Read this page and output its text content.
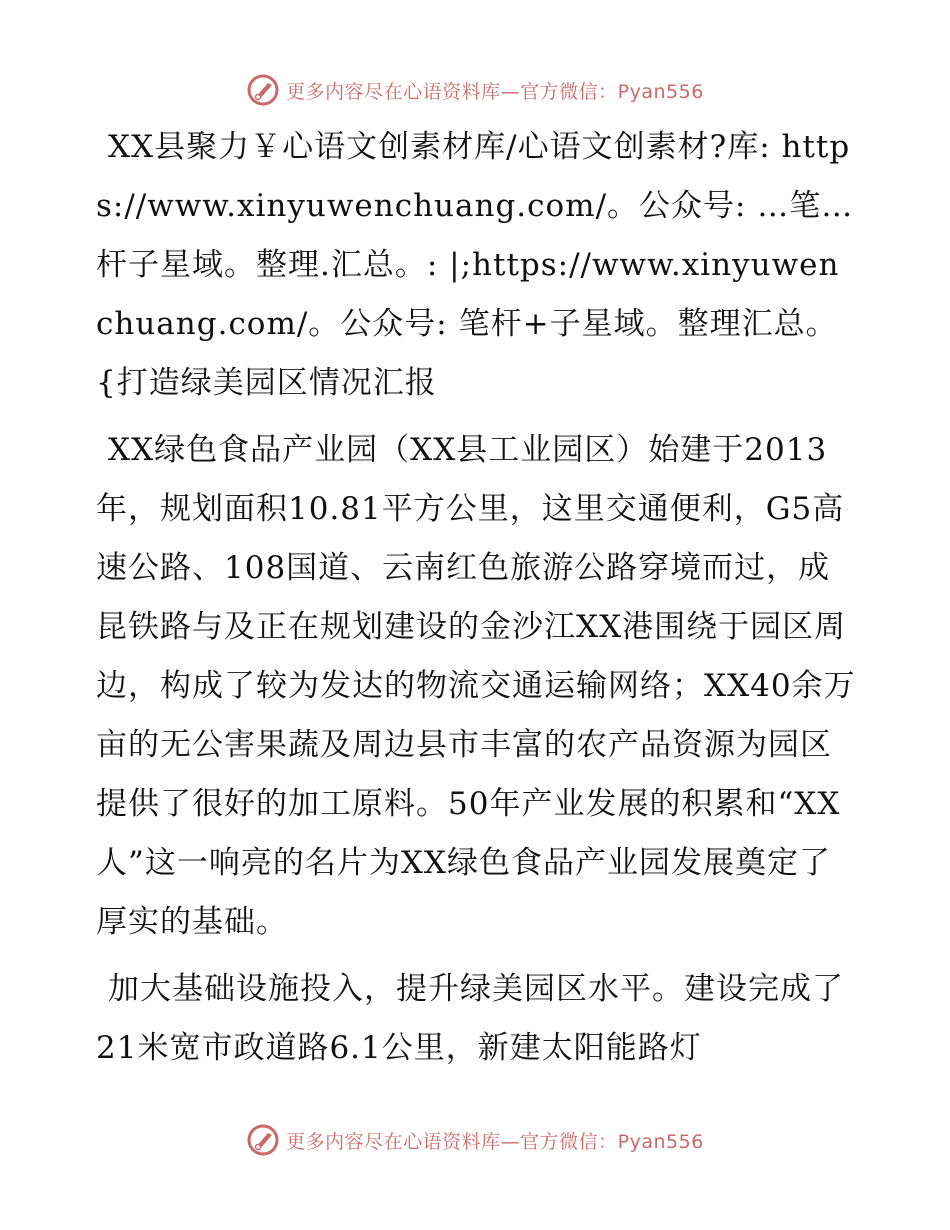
更多内容尽在心语资料库—官方微信：Pyan556

XX县聚力￥心语文创素材库/心语文创素材?库: https://www.xinyuwenchuang.com/。公众号: …笔…杆子星域。整理.汇总。: |;https://www.xinyuwenchuang.com/。公众号: 笔杆+子星域。整理汇总。{打造绿美园区情况汇报

XX绿色食品产业园（XX县工业园区）始建于2013年，规划面积10.81平方公里，这里交通便利，G5高速公路、108国道、云南红色旅游公路穿境而过，成昆铁路与及正在规划建设的金沙江XX港围绕于园区周边，构成了较为发达的物流交通运输网络；XX40余万亩的无公害果蔬及周边县市丰富的农产品资源为园区提供了很好的加工原料。50年产业发展的积累和“XX人”这一响亮的名片为XX绿色食品产业园发展奠定了厚实的基础。

加大基础设施投入，提升绿美园区水平。建设完成了21米宽市政道路6.1公里，新建太阳能路灯

更多内容尽在心语资料库—官方微信：Pyan556
